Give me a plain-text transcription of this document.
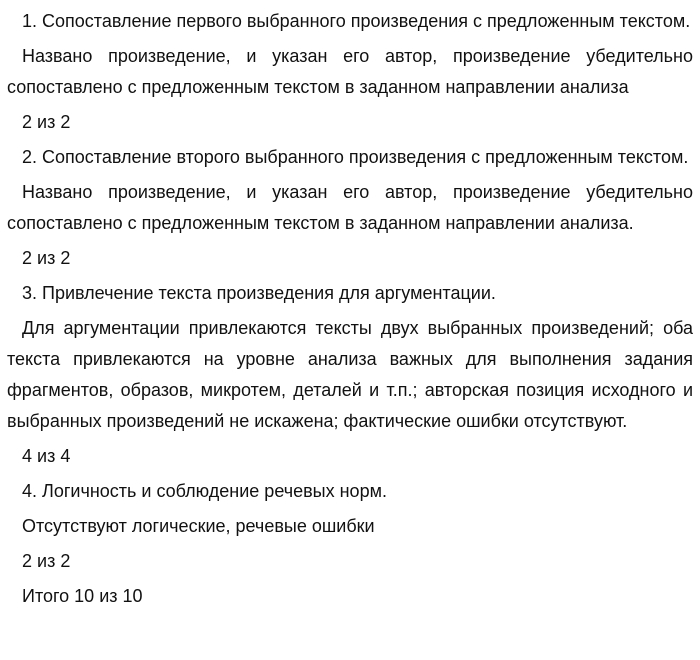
1. Сопоставление первого выбранного произведения с предложенным текстом.

Названо произведение, и указан его автор, произведение убедительно сопоставлено с предложенным текстом в заданном направлении анализа

2 из 2

2. Сопоставление второго выбранного произведения с предложенным текстом.

Названо произведение, и указан его автор, произведение убедительно сопоставлено с предложенным текстом в заданном направлении анализа.

2 из 2

3. Привлечение текста произведения для аргументации.

Для аргументации привлекаются тексты двух выбранных произведений; оба текста привлекаются на уровне анализа важных для выполнения задания фрагментов, образов, микротем, деталей и т.п.; авторская позиция исходного и выбранных произведений не искажена; фактические ошибки отсутствуют.

4 из 4

4. Логичность и соблюдение речевых норм.

Отсутствуют логические, речевые ошибки

2 из 2

Итого 10 из 10
